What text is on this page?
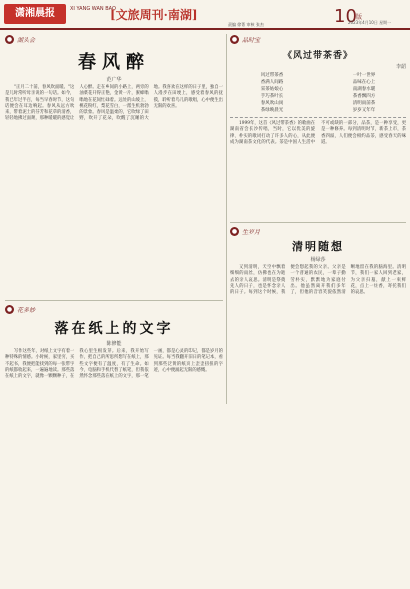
潇湘晨报	XI YANG WAN BAO
[文旅周刊·南湖]
责编 徐菁 审核 张杰	10 版
2023年4月10日 星期一
● 湖头会
春风醉
范广华
"正月二十前，春风吹面暖。"这是儿时常听母亲说的一句话。如今，我已年过半百，每当早春时节，这句话便会在耳边响起。春风从远方吹来，带着泥土的芬芳和花草的清香，轻轻地拂过面颊，那种暖暖的感觉让人心醉。走在乡间的小路上，两旁的油菜花开得正艳，金黄一片，蜜蜂嗡嗡地在花间忙碌着。远处的山坡上，桃花粉红，梨花雪白，一派生机勃勃的景象。春风是温柔的，它吹绿了田野，吹开了花朵，吹醒了沉睡的大地。我喜欢在这样的日子里，独自一人漫步在田埂上，感受着春风的抚摸，聆听着鸟儿的歌唱，心中便生出无限的欢喜。
● 品时宝
《风过带茶香》
李韶
风过带茶香
香满人间路
采茶姑娘心
手巧茶叶长
春风吹山岗
茶绿映晨光
一叶一世界
品味在心上
南湖春水暖
茶香飘四方
清明雨前茶
岁岁又年年
1999年，这首《风过带茶香》的歌曲在湖南省会长沙传唱，当时，它以优美的旋律、朴实的歌词打动了许多人的心，从此便成为湖南茶文化的代表。茶是中国人生活中不可或缺的一部分，品茶，是一种享受，更是一种修养。每到清明时节，新茶上市，茶香四溢，人们便会相约品茶，感受春天的味道。
● 生岁月
清明随想
杨绿莎
又到清明，天空中飘着细细的雨丝，仿佛也在为逝去的亲人哀思。清明是祭奠先人的日子，也是怀念亲人的日子。每到这个时候，我便会想起我的父亲。父亲是一个普通的农民，一辈子勤劳朴实，默默地为家庭付出。他虽然离开我们多年了，但他的音容笑貌依然清晰地留在我的脑海里。清明节，我们一家人回到老家，为父亲扫墓，献上一束鲜花，点上一炷香，寄托我们的哀思。
● 花多妙
落在纸上的文字
陈修能
写作这些年，对纸上文字有着一种特殊的情感。小时候，家里穷，买不起书，我便把能找到的每一张带字的纸都收起来，一遍遍地读。那些落在纸上的文字，就像一颗颗种子，在我心里生根发芽。后来，我开始写作，把自己的所思所想写在纸上，那些文字便有了温度，有了生命。如今，电脑和手机代替了纸笔，但我依然怀念那些落在纸上的文字，那一笔一画，都是心灵的印记，都是岁月的见证。每当我翻开旧日的笔记本，看到那些泛黄的纸页上歪歪扭扭的字迹，心中便涌起无限的感慨。
